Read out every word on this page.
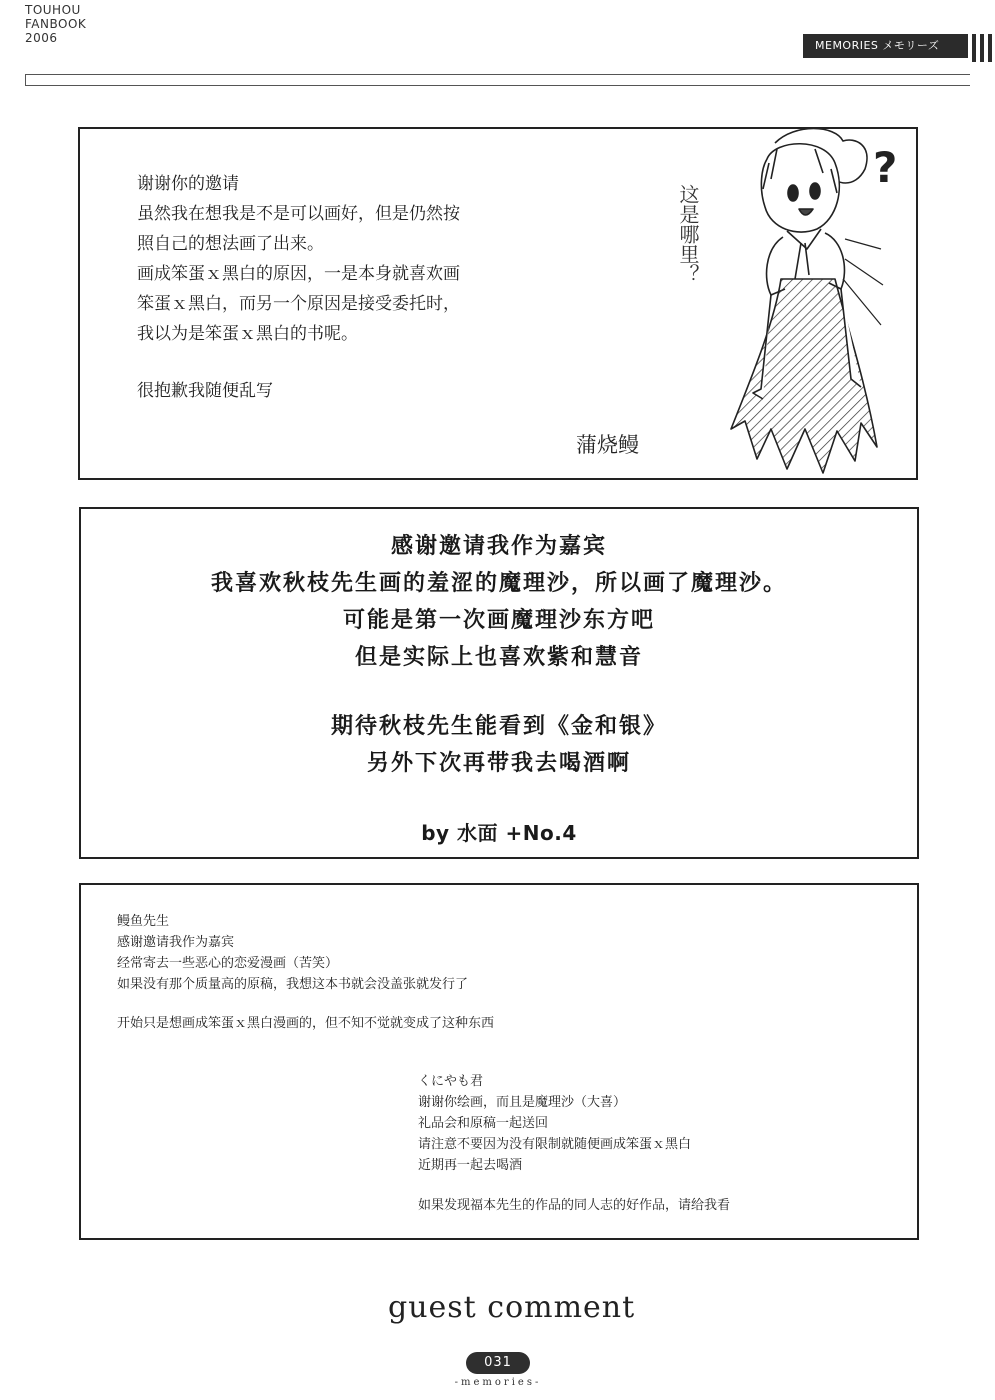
TOUHOU
FANBOOK
2006
MEMORIES メモリーズ
谢谢你的邀请
虽然我在想我是不是可以画好，但是仍然按
照自己的想法画了出来。
画成笨蛋ｘ黑白的原因，一是本身就喜欢画
笨蛋ｘ黑白，而另一个原因是接受委托时，
我以为是笨蛋ｘ黑白的书呢。
很抱歉我随便乱写
蒲烧鳗
这是哪里？
?
感谢邀请我作为嘉宾
我喜欢秋枝先生画的羞涩的魔理沙，所以画了魔理沙。
可能是第一次画魔理沙东方吧
但是实际上也喜欢紫和慧音
期待秋枝先生能看到《金和银》
另外下次再带我去喝酒啊
by 水面 +No.4
鳗鱼先生
感谢邀请我作为嘉宾
经常寄去一些恶心的恋爱漫画（苦笑）
如果没有那个质量高的原稿，我想这本书就会没盖张就发行了
开始只是想画成笨蛋ｘ黑白漫画的，但不知不觉就变成了这种东西
くにやも君
谢谢你绘画，而且是魔理沙（大喜）
礼品会和原稿一起送回
请注意不要因为没有限制就随便画成笨蛋ｘ黑白
近期再一起去喝酒
如果发现福本先生的作品的同人志的好作品，请给我看
guest comment
031
-memories-
